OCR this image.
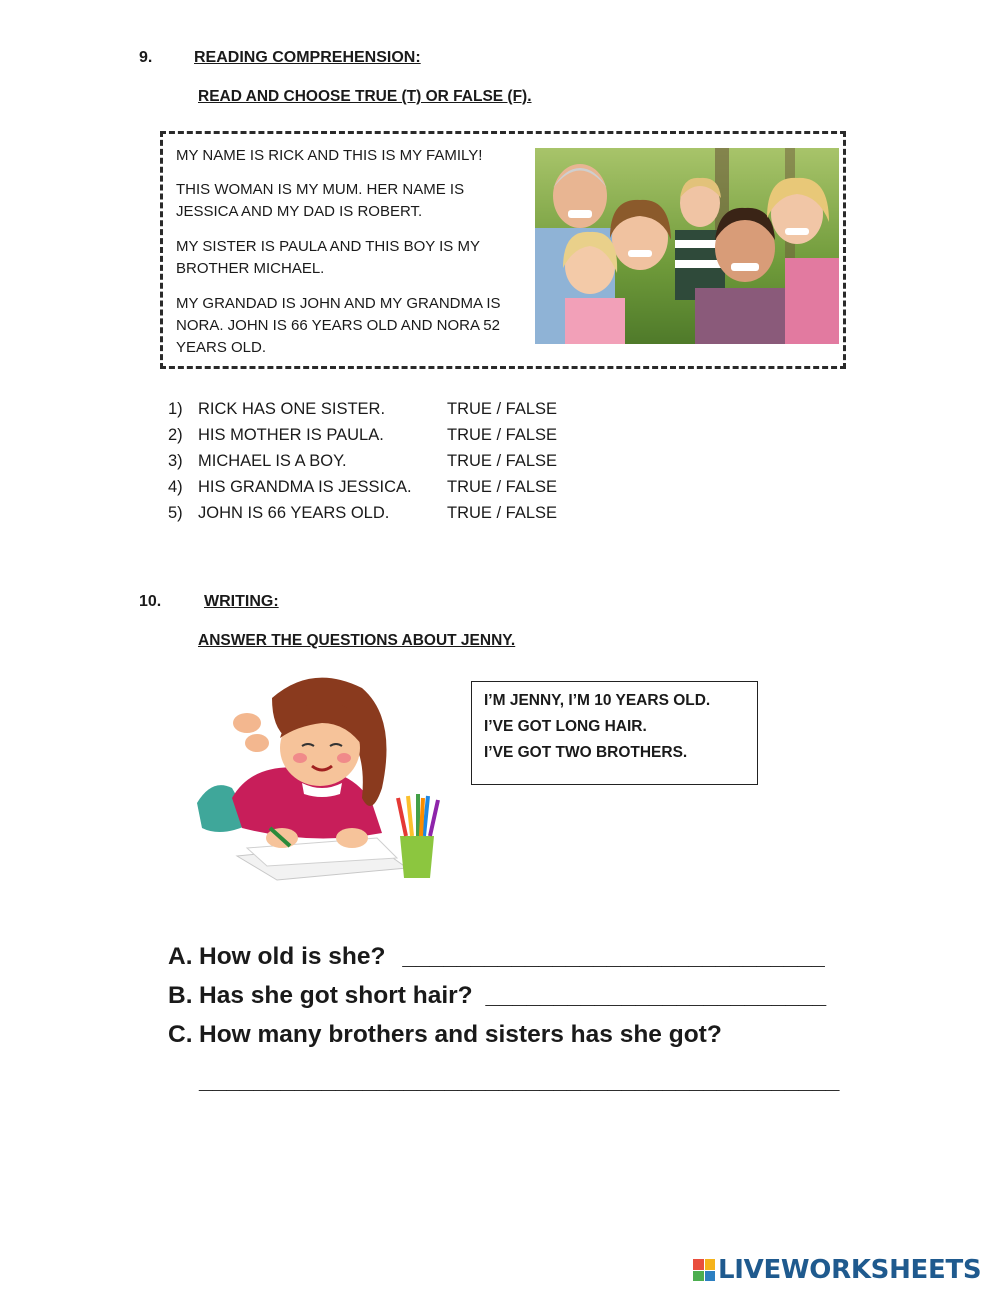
9.	READING COMPREHENSION:
READ AND CHOOSE TRUE (T) OR FALSE (F).
MY NAME IS RICK AND THIS IS MY FAMILY!
THIS WOMAN IS MY MUM. HER NAME IS
JESSICA AND MY DAD IS ROBERT.
MY SISTER IS PAULA AND THIS BOY IS MY
BROTHER MICHAEL.
MY GRANDAD IS JOHN AND MY GRANDMA IS
NORA. JOHN IS 66 YEARS OLD AND NORA 52
YEARS OLD.
1) RICK HAS ONE SISTER.	TRUE / FALSE
2) HIS MOTHER IS PAULA.	TRUE / FALSE
3) MICHAEL IS A BOY.	TRUE / FALSE
4) HIS GRANDMA IS JESSICA. TRUE / FALSE
5) JOHN IS 66 YEARS OLD.	TRUE / FALSE
10.	WRITING:
ANSWER THE QUESTIONS ABOUT JENNY.
I’M JENNY, I’M 10 YEARS OLD.
I’VE GOT LONG HAIR.
I’VE GOT TWO BROTHERS.
A. How old is she? _______________________________
B. Has she got short hair? _________________________
C. How many brothers and sisters has she got?
_______________________________________________
LIVEWORKSHEETS
